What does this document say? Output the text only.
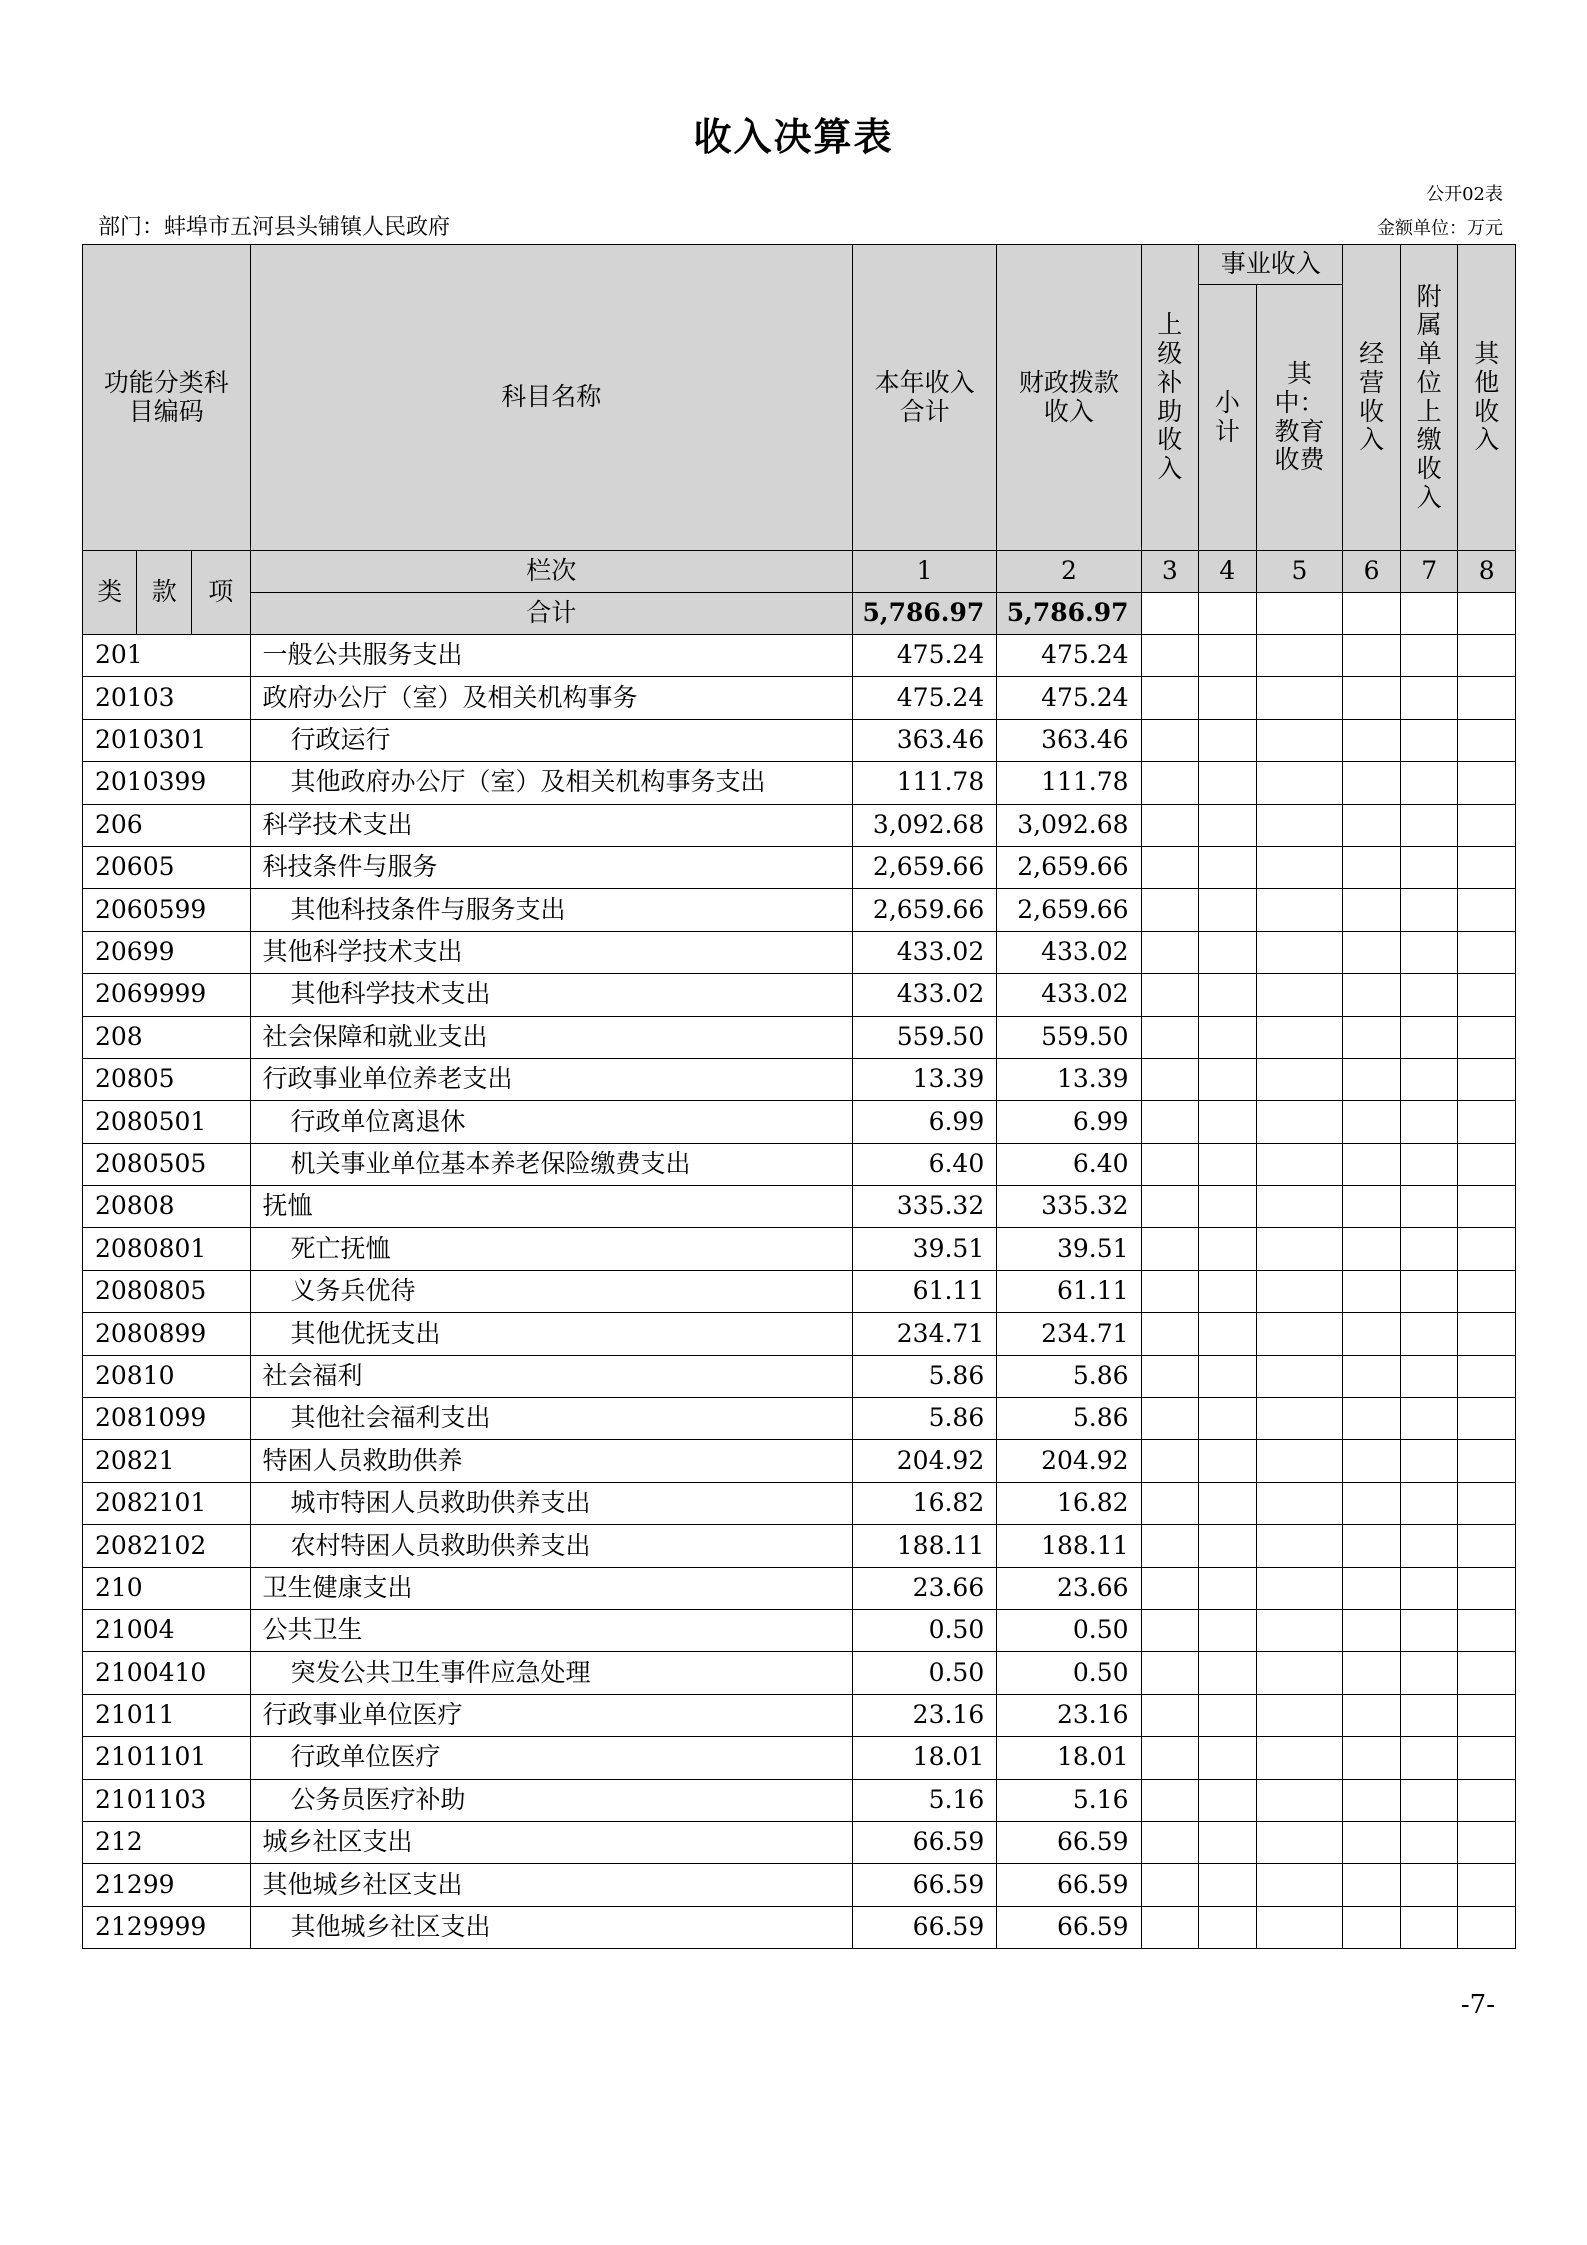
收入决算表
公开02表
部门：蚌埠市五河县头铺镇人民政府	金额单位：万元
功能分类科目编码			科目名称	本年收入合计	财政拨款收入	上级补助收入	事业收入		经营收入	附属单位上缴收入	其他收入
							小计	其中：教育收费			
类	款	项	栏次	1	2	3	4	5	6	7	8
			合计	5,786.97	5,786.97						
201			一般公共服务支出	475.24	475.24						
20103			政府办公厅（室）及相关机构事务	475.24	475.24						
2010301			行政运行	363.46	363.46						
2010399			其他政府办公厅（室）及相关机构事务支出	111.78	111.78						
206			科学技术支出	3,092.68	3,092.68						
20605			科技条件与服务	2,659.66	2,659.66						
2060599			其他科技条件与服务支出	2,659.66	2,659.66						
20699			其他科学技术支出	433.02	433.02						
2069999			其他科学技术支出	433.02	433.02						
208			社会保障和就业支出	559.50	559.50						
20805			行政事业单位养老支出	13.39	13.39						
2080501			行政单位离退休	6.99	6.99						
2080505			机关事业单位基本养老保险缴费支出	6.40	6.40						
20808			抚恤	335.32	335.32						
2080801			死亡抚恤	39.51	39.51						
2080805			义务兵优待	61.11	61.11						
2080899			其他优抚支出	234.71	234.71						
20810			社会福利	5.86	5.86						
2081099			其他社会福利支出	5.86	5.86						
20821			特困人员救助供养	204.92	204.92						
2082101			城市特困人员救助供养支出	16.82	16.82						
2082102			农村特困人员救助供养支出	188.11	188.11						
210			卫生健康支出	23.66	23.66						
21004			公共卫生	0.50	0.50						
2100410			突发公共卫生事件应急处理	0.50	0.50						
21011			行政事业单位医疗	23.16	23.16						
2101101			行政单位医疗	18.01	18.01						
2101103			公务员医疗补助	5.16	5.16						
212			城乡社区支出	66.59	66.59						
21299			其他城乡社区支出	66.59	66.59						
2129999			其他城乡社区支出	66.59	66.59						
-7-
